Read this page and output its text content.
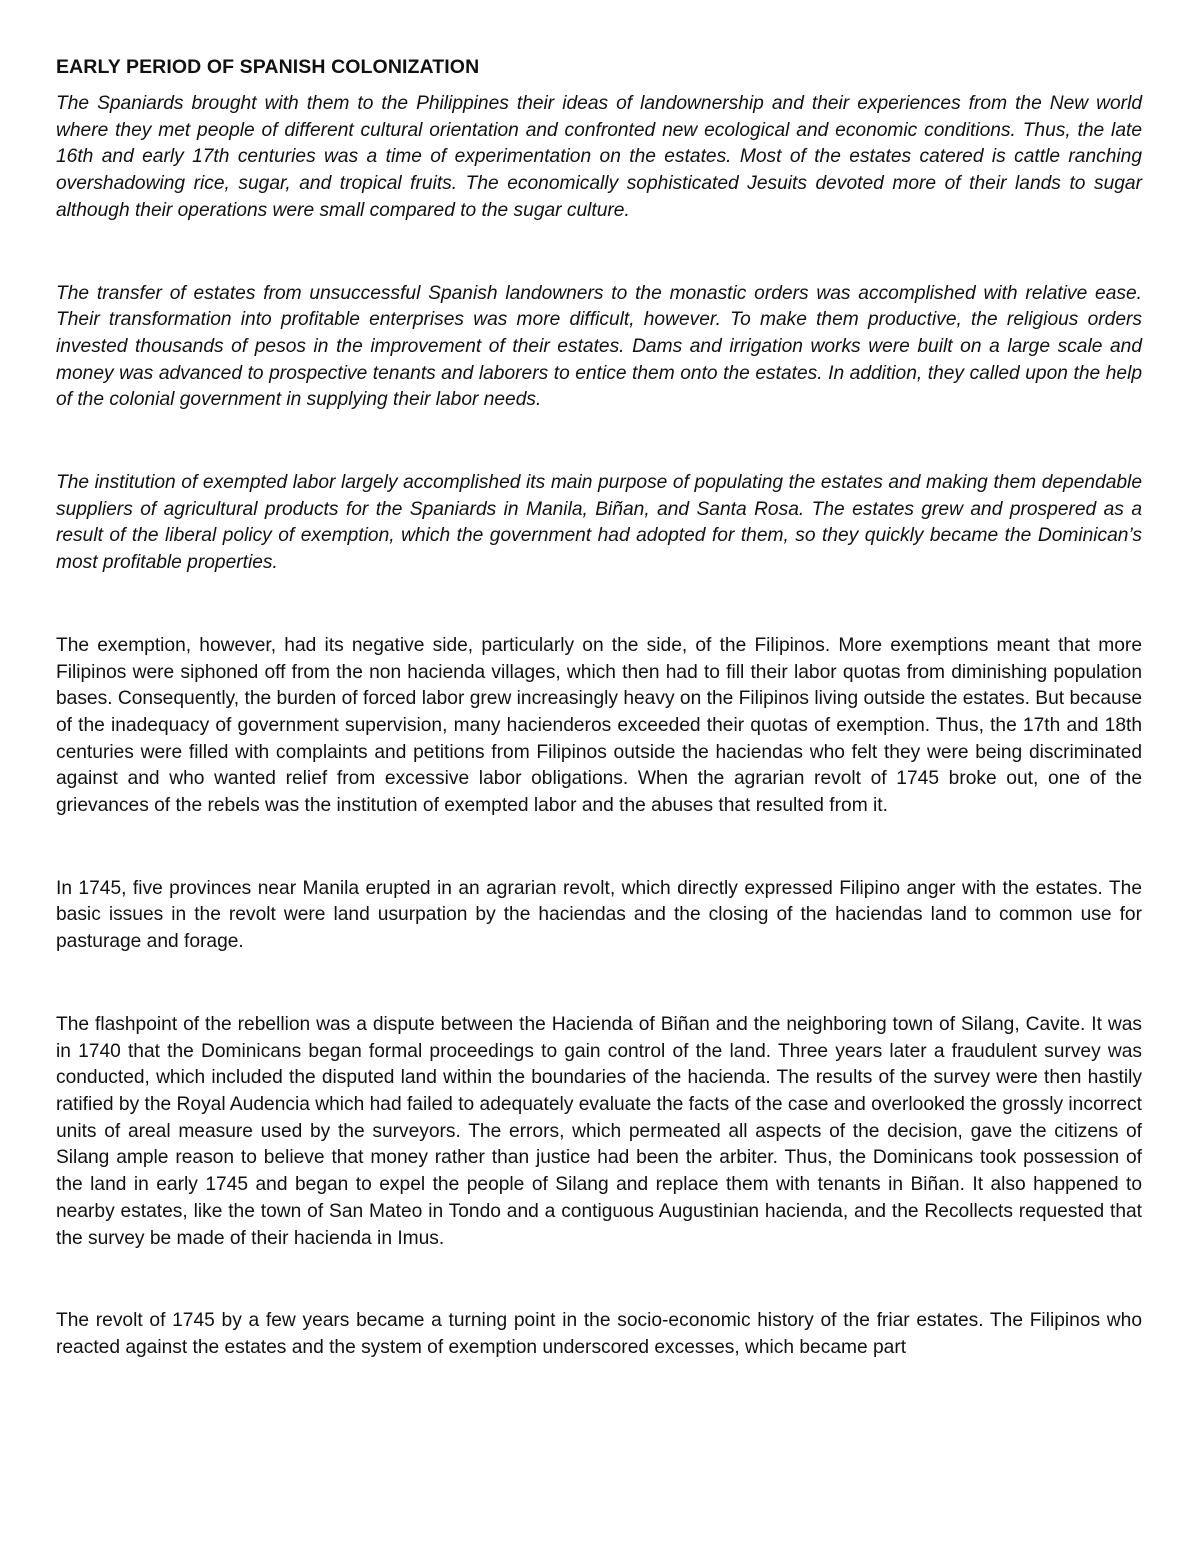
EARLY PERIOD OF SPANISH COLONIZATION

The Spaniards brought with them to the Philippines their ideas of landownership and their experiences from the New world where they met people of different cultural orientation and confronted new ecological and economic conditions. Thus, the late 16th and early 17th centuries was a time of experimentation on the estates. Most of the estates catered is cattle ranching overshadowing rice, sugar, and tropical fruits. The economically sophisticated Jesuits devoted more of their lands to sugar although their operations were small compared to the sugar culture.

The transfer of estates from unsuccessful Spanish landowners to the monastic orders was accomplished with relative ease. Their transformation into profitable enterprises was more difficult, however. To make them productive, the religious orders invested thousands of pesos in the improvement of their estates. Dams and irrigation works were built on a large scale and money was advanced to prospective tenants and laborers to entice them onto the estates. In addition, they called upon the help of the colonial government in supplying their labor needs.

The institution of exempted labor largely accomplished its main purpose of populating the estates and making them dependable suppliers of agricultural products for the Spaniards in Manila, Biñan, and Santa Rosa. The estates grew and prospered as a result of the liberal policy of exemption, which the government had adopted for them, so they quickly became the Dominican’s most profitable properties.

The exemption, however, had its negative side, particularly on the side, of the Filipinos. More exemptions meant that more Filipinos were siphoned off from the non hacienda villages, which then had to fill their labor quotas from diminishing population bases. Consequently, the burden of forced labor grew increasingly heavy on the Filipinos living outside the estates. But because of the inadequacy of government supervision, many hacienderos exceeded their quotas of exemption. Thus, the 17th and 18th centuries were filled with complaints and petitions from Filipinos outside the haciendas who felt they were being discriminated against and who wanted relief from excessive labor obligations. When the agrarian revolt of 1745 broke out, one of the grievances of the rebels was the institution of exempted labor and the abuses that resulted from it.

In 1745, five provinces near Manila erupted in an agrarian revolt, which directly expressed Filipino anger with the estates. The basic issues in the revolt were land usurpation by the haciendas and the closing of the haciendas land to common use for pasturage and forage.

The flashpoint of the rebellion was a dispute between the Hacienda of Biñan and the neighboring town of Silang, Cavite. It was in 1740 that the Dominicans began formal proceedings to gain control of the land. Three years later a fraudulent survey was conducted, which included the disputed land within the boundaries of the hacienda. The results of the survey were then hastily ratified by the Royal Audencia which had failed to adequately evaluate the facts of the case and overlooked the grossly incorrect units of areal measure used by the surveyors. The errors, which permeated all aspects of the decision, gave the citizens of Silang ample reason to believe that money rather than justice had been the arbiter. Thus, the Dominicans took possession of the land in early 1745 and began to expel the people of Silang and replace them with tenants in Biñan. It also happened to nearby estates, like the town of San Mateo in Tondo and a contiguous Augustinian hacienda, and the Recollects requested that the survey be made of their hacienda in Imus.

The revolt of 1745 by a few years became a turning point in the socio-economic history of the friar estates. The Filipinos who reacted against the estates and the system of exemption underscored excesses, which became part
